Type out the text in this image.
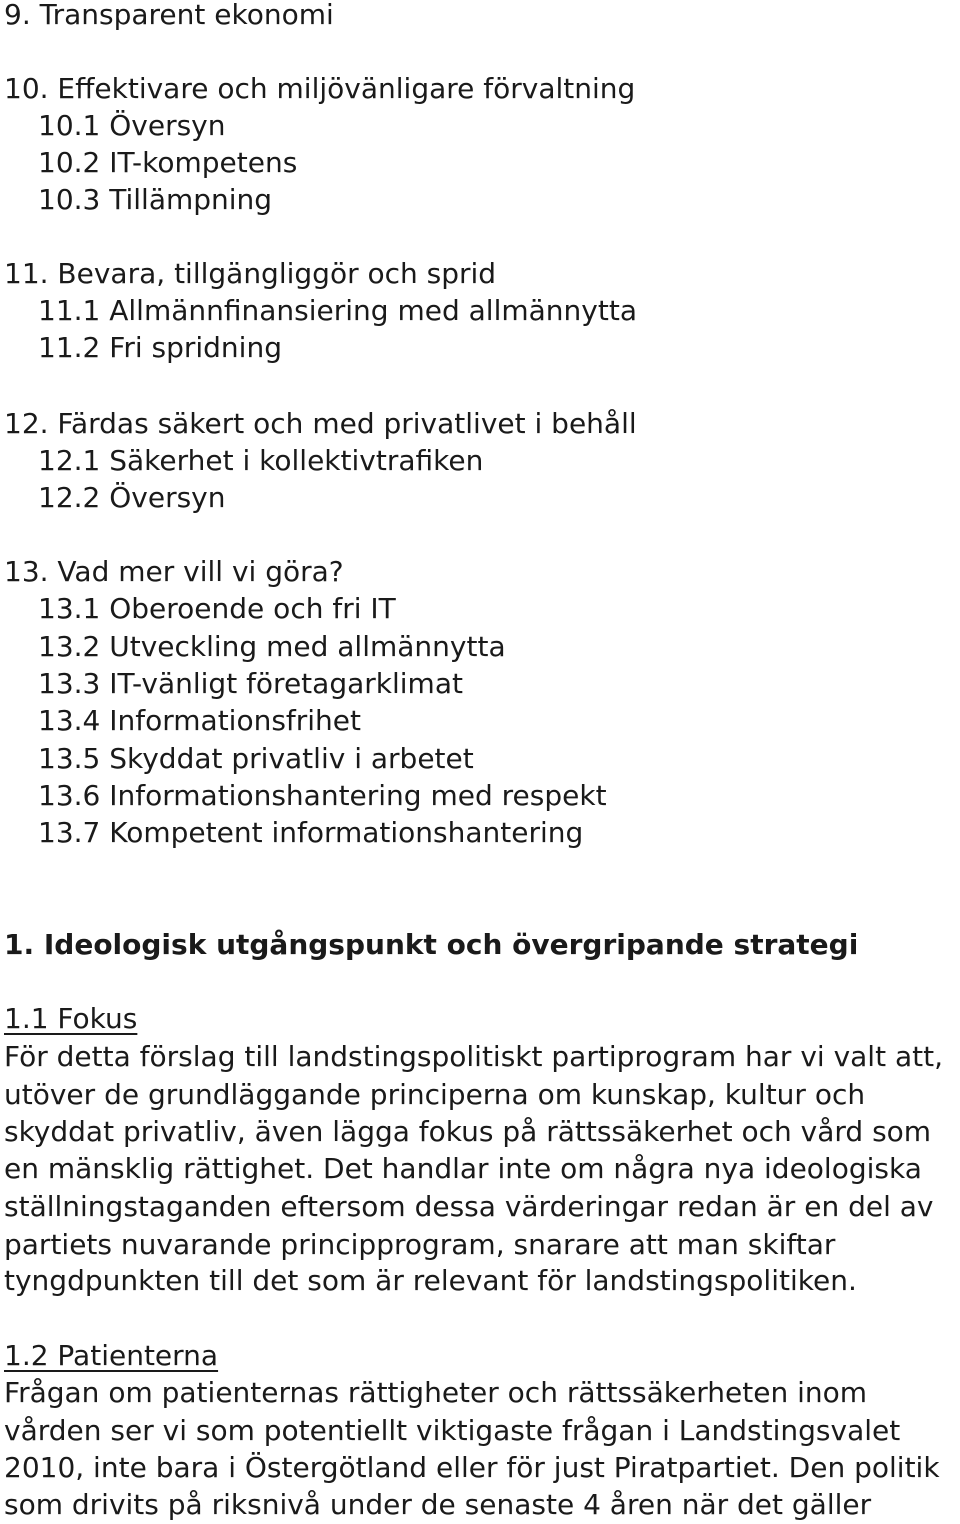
9. Transparent ekonomi
10. Effektivare och miljövänligare förvaltning
10.1 Översyn
10.2 IT-kompetens
10.3 Tillämpning
11. Bevara, tillgängliggör och sprid
11.1 Allmännfinansiering med allmännytta
11.2 Fri spridning
12. Färdas säkert och med privatlivet i behåll
12.1 Säkerhet i kollektivtrafiken
12.2 Översyn
13. Vad mer vill vi göra?
13.1 Oberoende och fri IT
13.2 Utveckling med allmännytta
13.3 IT-vänligt företagarklimat
13.4 Informationsfrihet
13.5 Skyddat privatliv i arbetet
13.6 Informationshantering med respekt
13.7 Kompetent informationshantering
1. Ideologisk utgångspunkt och övergripande strategi
1.1 Fokus
För detta förslag till landstingspolitiskt partiprogram har vi valt att,
utöver de grundläggande principerna om kunskap, kultur och
skyddat privatliv, även lägga fokus på rättssäkerhet och vård som
en mänsklig rättighet. Det handlar inte om några nya ideologiska
ställningstaganden eftersom dessa värderingar redan är en del av
partiets nuvarande principprogram, snarare att man skiftar
tyngdpunkten till det som är relevant för landstingspolitiken.
1.2 Patienterna
Frågan om patienternas rättigheter och rättssäkerheten inom
vården ser vi som potentiellt viktigaste frågan i Landstingsvalet
2010, inte bara i Östergötland eller för just Piratpartiet. Den politik
som drivits på riksnivå under de senaste 4 åren när det gäller
